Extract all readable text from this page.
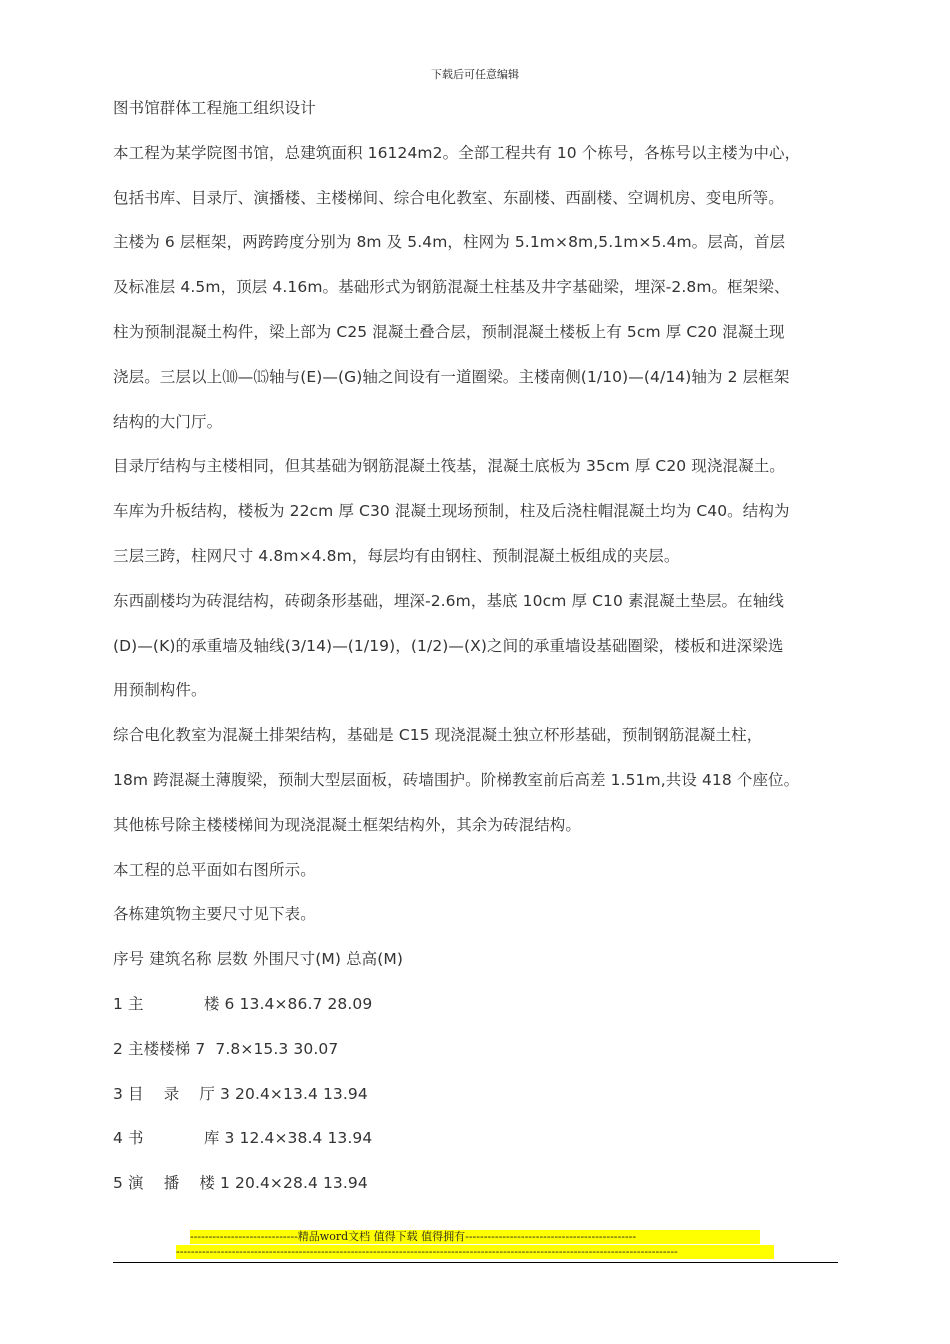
下载后可任意编辑
图书馆群体工程施工组织设计
本工程为某学院图书馆，总建筑面积 16124m2。全部工程共有 10 个栋号，各栋号以主楼为中心，
包括书库、目录厅、演播楼、主楼梯间、综合电化教室、东副楼、西副楼、空调机房、变电所等。
主楼为 6 层框架，两跨跨度分别为 8m 及 5.4m，柱网为 5.1m×8m,5.1m×5.4m。层高，首层
及标准层 4.5m，顶层 4.16m。基础形式为钢筋混凝土柱基及井字基础梁，埋深-2.8m。框架梁、
柱为预制混凝土构件，梁上部为 C25 混凝土叠合层，预制混凝土楼板上有 5cm 厚 C20 混凝土现
浇层。三层以上⑽—⒂轴与(E)—(G)轴之间设有一道圈梁。主楼南侧(1/10)—(4/14)轴为 2 层框架
结构的大门厅。
目录厅结构与主楼相同，但其基础为钢筋混凝土筏基，混凝土底板为 35cm 厚 C20 现浇混凝土。
车库为升板结构，楼板为 22cm 厚 C30 混凝土现场预制，柱及后浇柱帽混凝土均为 C40。结构为
三层三跨，柱网尺寸 4.8m×4.8m，每层均有由钢柱、预制混凝土板组成的夹层。
东西副楼均为砖混结构，砖砌条形基础，埋深-2.6m，基底 10cm 厚 C10 素混凝土垫层。在轴线
(D)—(K)的承重墙及轴线(3/14)—(1/19)，(1/2)—(X)之间的承重墙设基础圈梁，楼板和进深梁选
用预制构件。
综合电化教室为混凝土排架结构，基础是 C15 现浇混凝土独立杯形基础，预制钢筋混凝土柱，
18m 跨混凝土薄腹梁，预制大型层面板，砖墙围护。阶梯教室前后高差 1.51m,共设 418 个座位。
其他栋号除主楼楼梯间为现浇混凝土框架结构外，其余为砖混结构。
本工程的总平面如右图所示。
各栋建筑物主要尺寸见下表。
序号 建筑名称 层数 外围尺寸(M) 总高(M)
1 主            楼 6 13.4×86.7 28.09
2 主楼楼梯 7  7.8×15.3 30.07
3 目    录    厅 3 20.4×13.4 13.94
4 书            库 3 12.4×38.4 13.94
5 演    播    楼 1 20.4×28.4 13.94
-----------------------------精品word文档 值得下载 值得拥有----------------------------------------------
---------------------------------------------------------------------------------------------------------------------------------------
